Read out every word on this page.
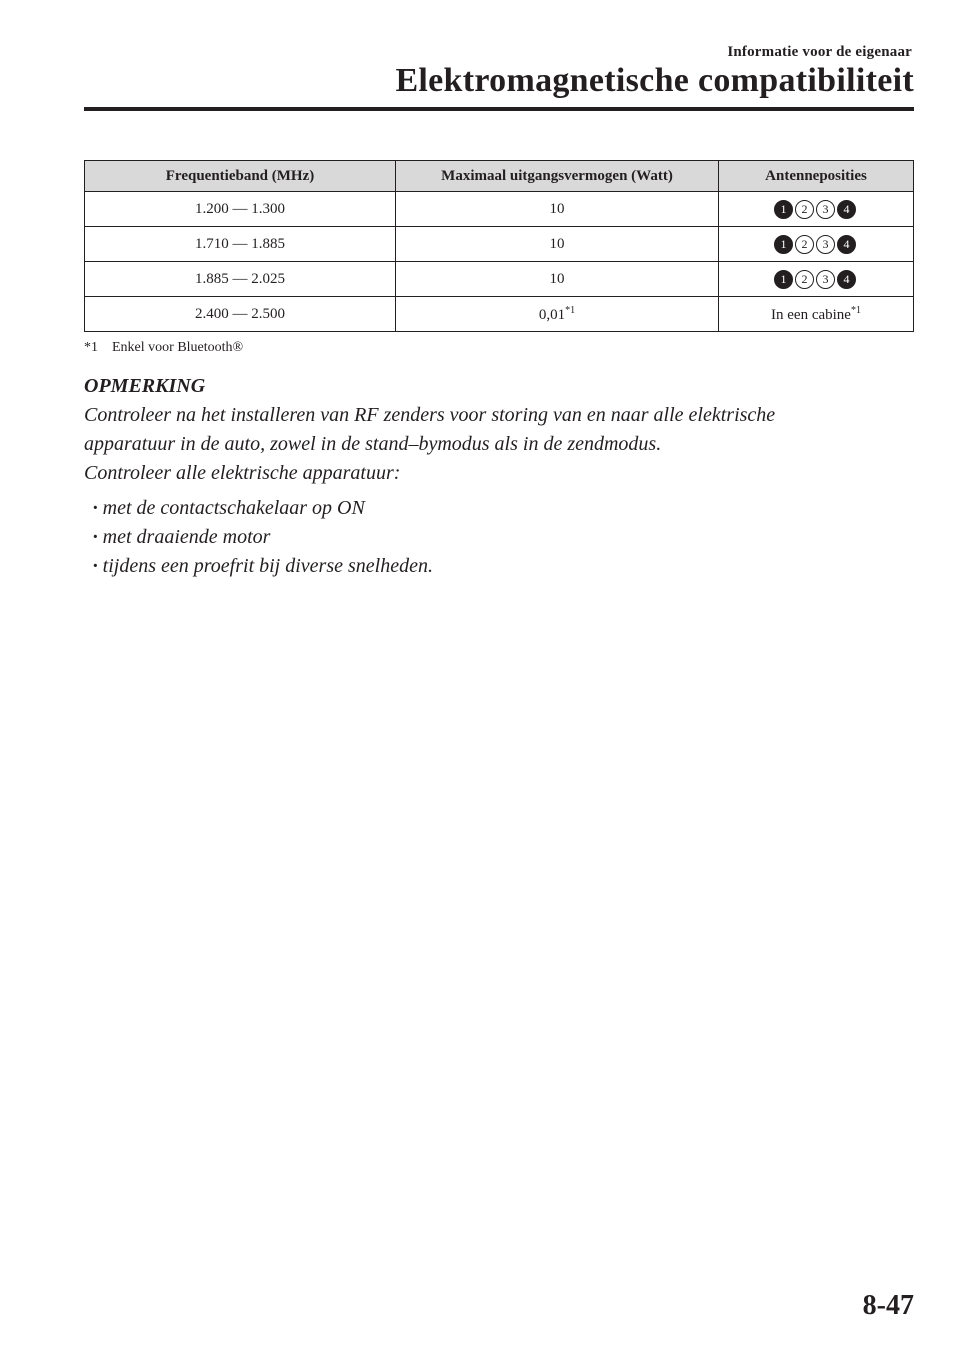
Informatie voor de eigenaar
Elektromagnetische compatibiliteit
Frequentieband (MHz)	Maximaal uitgangsvermogen (Watt)	Antenneposities
1.200 ― 1.300	10	1 2 3 4

1.710 ― 1.885	10	1 2 3 4

1.885 ― 2.025	10	1 2 3 4

2.400 ― 2.500	0,01$^{*1}$	In een cabine$^{*1}$
*1 Enkel voor Bluetooth®
OPMERKING
Controleer na het installeren van RF zenders voor storing van en naar alle elektrische
apparatuur in de auto, zowel in de stand–bymodus als in de zendmodus.
Controleer alle elektrische apparatuur:
· met de contactschakelaar op ON
· met draaiende motor
· tijdens een proefrit bij diverse snelheden.
8-47
